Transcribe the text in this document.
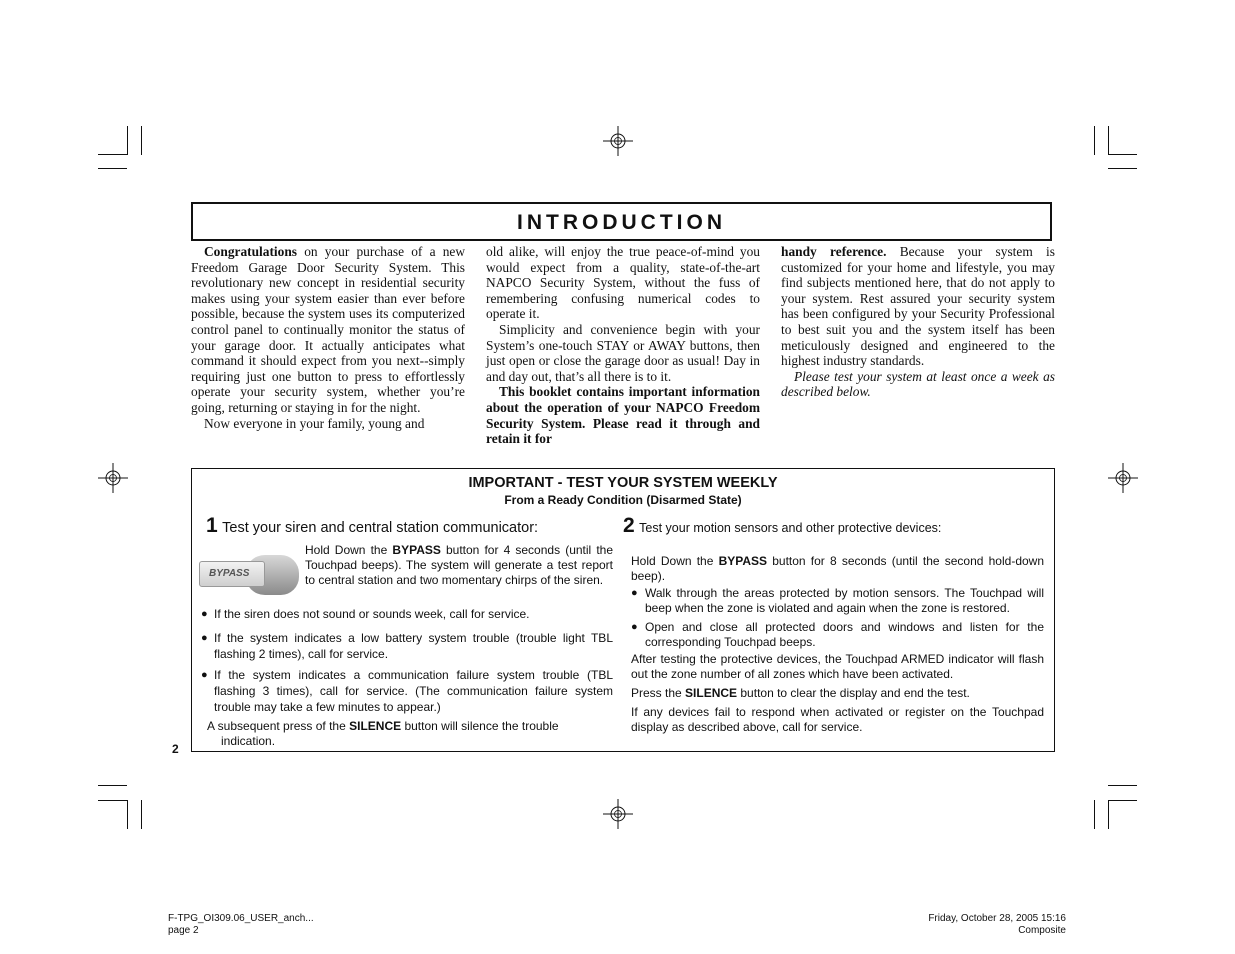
INTRODUCTION

Congratulations on your purchase of a new Freedom Garage Door Security System. This revolutionary new concept in residential security makes using your system easier than ever before possible, because the system uses its computerized control panel to continually monitor the status of your garage door. It actually anticipates what command it should expect from you next--simply requiring just one button to press to effortlessly operate your security system, whether you’re going, returning or staying in for the night.

Now everyone in your family, young and

old alike, will enjoy the true peace-of-mind you would expect from a quality, state-of-the-art NAPCO Security System, without the fuss of remembering confusing numerical codes to operate it.

Simplicity and convenience begin with your System’s one-touch STAY or AWAY buttons, then just open or close the garage door as usual! Day in and day out, that’s all there is to it.

This booklet contains important information about the operation of your NAPCO Freedom Security System. Please read it through and retain it for

handy reference. Because your system is customized for your home and lifestyle, you may find subjects mentioned here, that do not apply to your system. Rest assured your security system has been configured by your Security Professional to best suit you and the system itself has been meticulously designed and engineered to the highest industry standards.

Please test your system at least once a week as described below.

IMPORTANT - TEST YOUR SYSTEM WEEKLY
From a Ready Condition (Disarmed State)
1 Test your siren and central station communicator:
BYPASS
Hold Down the BYPASS button for 4 seconds (until the Touchpad beeps). The system will generate a test report to central station and two momentary chirps of the siren.
● If the siren does not sound or sounds week, call for service.
● If the system indicates a low battery system trouble (trouble light TBL flashing 2 times), call for service.
● If the system indicates a communication failure system trouble (TBL flashing 3 times), call for service. (The communication failure system trouble may take a few minutes to appear.)
A subsequent press of the SILENCE button will silence the trouble indication.
2 Test your motion sensors and other protective devices:
Hold Down the BYPASS button for 8 seconds (until the second hold-down beep).
● Walk through the areas protected by motion sensors. The Touchpad will beep when the zone is violated and again when the zone is restored.
● Open and close all protected doors and windows and listen for the corresponding Touchpad beeps.
After testing the protective devices, the Touchpad ARMED indicator will flash out the zone number of all zones which have been activated.
Press the SILENCE button to clear the display and end the test.
If any devices fail to respond when activated or register on the Touchpad display as described above, call for service.
2
F-TPG_OI309.06_USER_anch...
page 2
Friday, October 28, 2005 15:16
Composite
